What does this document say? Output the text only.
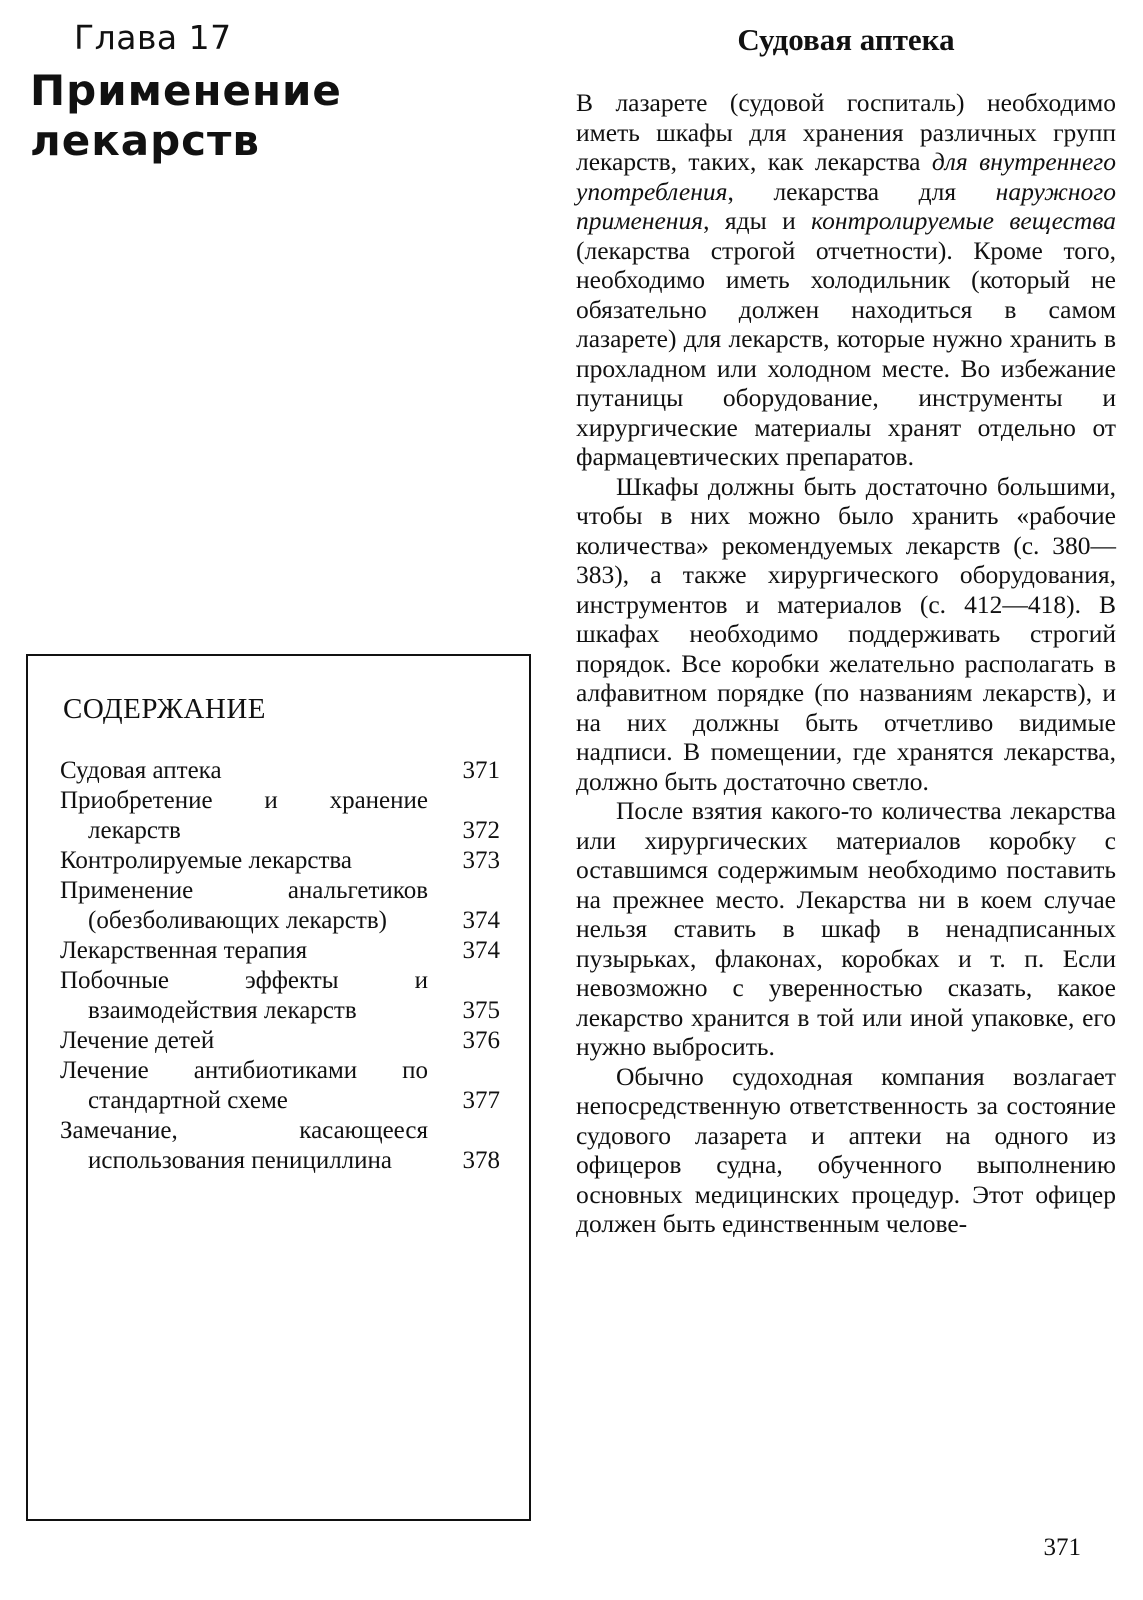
Глава 17
Применение
лекарств
СОДЕРЖАНИЕ
Судовая аптека	371
Приобретение и хранение лекарств	372
Контролируемые лекарства	373
Применение анальгетиков (обезболивающих лекарств)	374
Лекарственная терапия	374
Побочные эффекты и взаимодействия лекарств	375
Лечение детей	376
Лечение антибиотиками по стандартной схеме	377
Замечание, касающееся использования пенициллина	378
Судовая аптека

В лазарете (судовой госпиталь) необходимо иметь шкафы для хранения различных групп лекарств, таких, как лекарства для внутреннего употребления, лекарства для наружного применения, яды и контролируемые вещества (лекарства строгой отчетности). Кроме того, необходимо иметь холодильник (который не обязательно должен находиться в самом лазарете) для лекарств, которые нужно хранить в прохладном или холодном месте. Во избежание путаницы оборудование, инструменты и хирургические материалы хранят отдельно от фармацевтических препаратов.

Шкафы должны быть достаточно большими, чтобы в них можно было хранить «рабочие количества» рекомендуемых лекарств (с. 380—383), а также хирургического оборудования, инструментов и материалов (с. 412—418). В шкафах необходимо поддерживать строгий порядок. Все коробки желательно располагать в алфавитном порядке (по названиям лекарств), и на них должны быть отчетливо видимые надписи. В помещении, где хранятся лекарства, должно быть достаточно светло.

После взятия какого-то количества лекарства или хирургических материалов коробку с оставшимся содержимым необходимо поставить на прежнее место. Лекарства ни в коем случае нельзя ставить в шкаф в ненадписанных пузырьках, флаконах, коробках и т. п. Если невозможно с уверенностью сказать, какое лекарство хранится в той или иной упаковке, его нужно выбросить.

Обычно судоходная компания возлагает непосредственную ответственность за состояние судового лазарета и аптеки на одного из офицеров судна, обученного выполнению основных медицинских процедур. Этот офицер должен быть единственным челове-

371
